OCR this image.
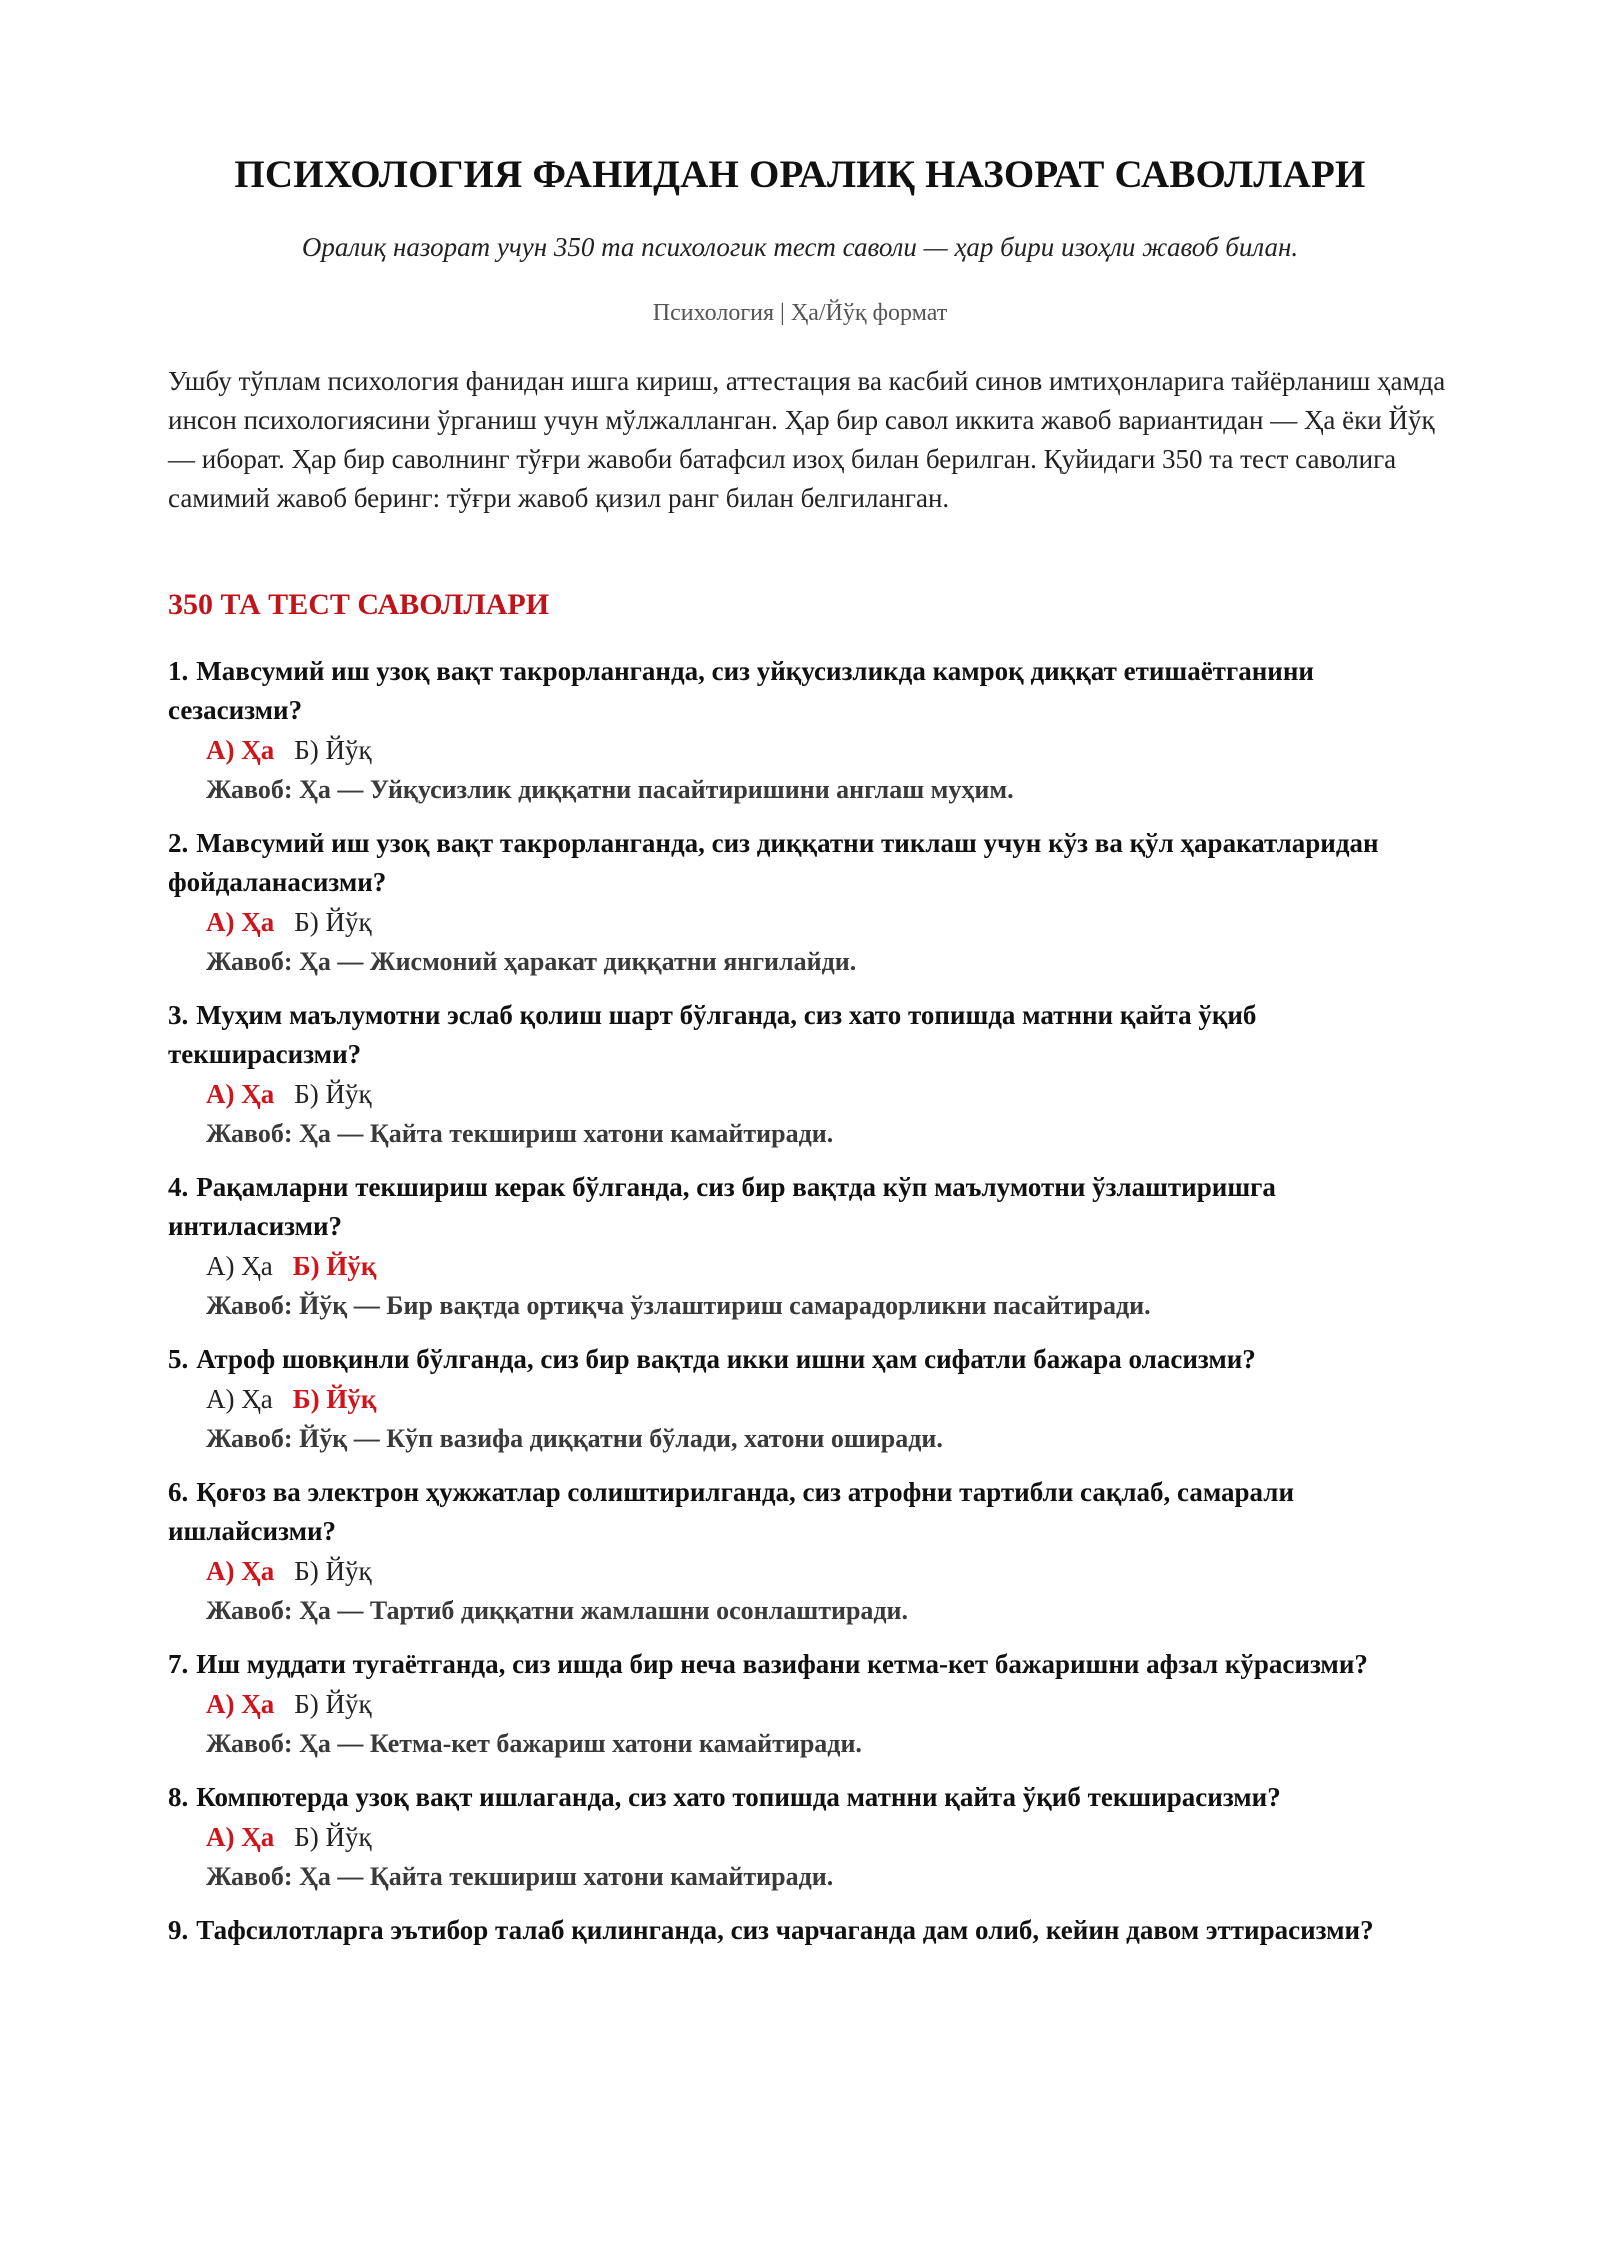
ПСИХОЛОГИЯ ФАНИДАН ОРАЛИҚ НАЗОРАТ САВОЛЛАРИ
Оралиқ назорат учун 350 та психологик тест саволи — ҳар бири изоҳли жавоб билан.
Психология | Ҳа/Йўқ формат
Ушбу тўплам психология фанидан ишга кириш, аттестация ва касбий синов имтиҳонларига тайёрланиш ҳамда инсон психологиясини ўрганиш учун мўлжалланган. Ҳар бир савол иккита жавоб вариантидан — Ҳа ёки Йўқ — иборат. Ҳар бир саволнинг тўғри жавоби батафсил изоҳ билан берилган. Қуйидаги 350 та тест саволига самимий жавоб беринг: тўғри жавоб қизил ранг билан белгиланган.
350 ТА ТЕСТ САВОЛЛАРИ
1. Мавсумий иш узоқ вақт такрорланганда, сиз уйқусизликда камроқ диққат етишаётганини сезасизми?
А) Ҳа Б) Йўқ
Жавоб: Ҳа — Уйқусизлик диққатни пасайтиришини англаш муҳим.
2. Мавсумий иш узоқ вақт такрорланганда, сиз диққатни тиклаш учун кўз ва қўл ҳаракатларидан фойдаланасизми?
А) Ҳа Б) Йўқ
Жавоб: Ҳа — Жисмоний ҳаракат диққатни янгилайди.
3. Муҳим маълумотни эслаб қолиш шарт бўлганда, сиз хато топишда матнни қайта ўқиб текширасизми?
А) Ҳа Б) Йўқ
Жавоб: Ҳа — Қайта текшириш хатони камайтиради.
4. Рақамларни текшириш керак бўлганда, сиз бир вақтда кўп маълумотни ўзлаштиришга интиласизми?
А) Ҳа Б) Йўқ
Жавоб: Йўқ — Бир вақтда ортиқча ўзлаштириш самарадорликни пасайтиради.
5. Атроф шовқинли бўлганда, сиз бир вақтда икки ишни ҳам сифатли бажара оласизми?
А) Ҳа Б) Йўқ
Жавоб: Йўқ — Кўп вазифа диққатни бўлади, хатони оширади.
6. Қоғоз ва электрон ҳужжатлар солиштирилганда, сиз атрофни тартибли сақлаб, самарали ишлайсизми?
А) Ҳа Б) Йўқ
Жавоб: Ҳа — Тартиб диққатни жамлашни осонлаштиради.
7. Иш муддати тугаётганда, сиз ишда бир неча вазифани кетма-кет бажаришни афзал кўрасизми?
А) Ҳа Б) Йўқ
Жавоб: Ҳа — Кетма-кет бажариш хатони камайтиради.
8. Компютерда узоқ вақт ишлаганда, сиз хато топишда матнни қайта ўқиб текширасизми?
А) Ҳа Б) Йўқ
Жавоб: Ҳа — Қайта текшириш хатони камайтиради.
9. Тафсилотларга эътибор талаб қилинганда, сиз чарчаганда дам олиб, кейин давом эттирасизми?
